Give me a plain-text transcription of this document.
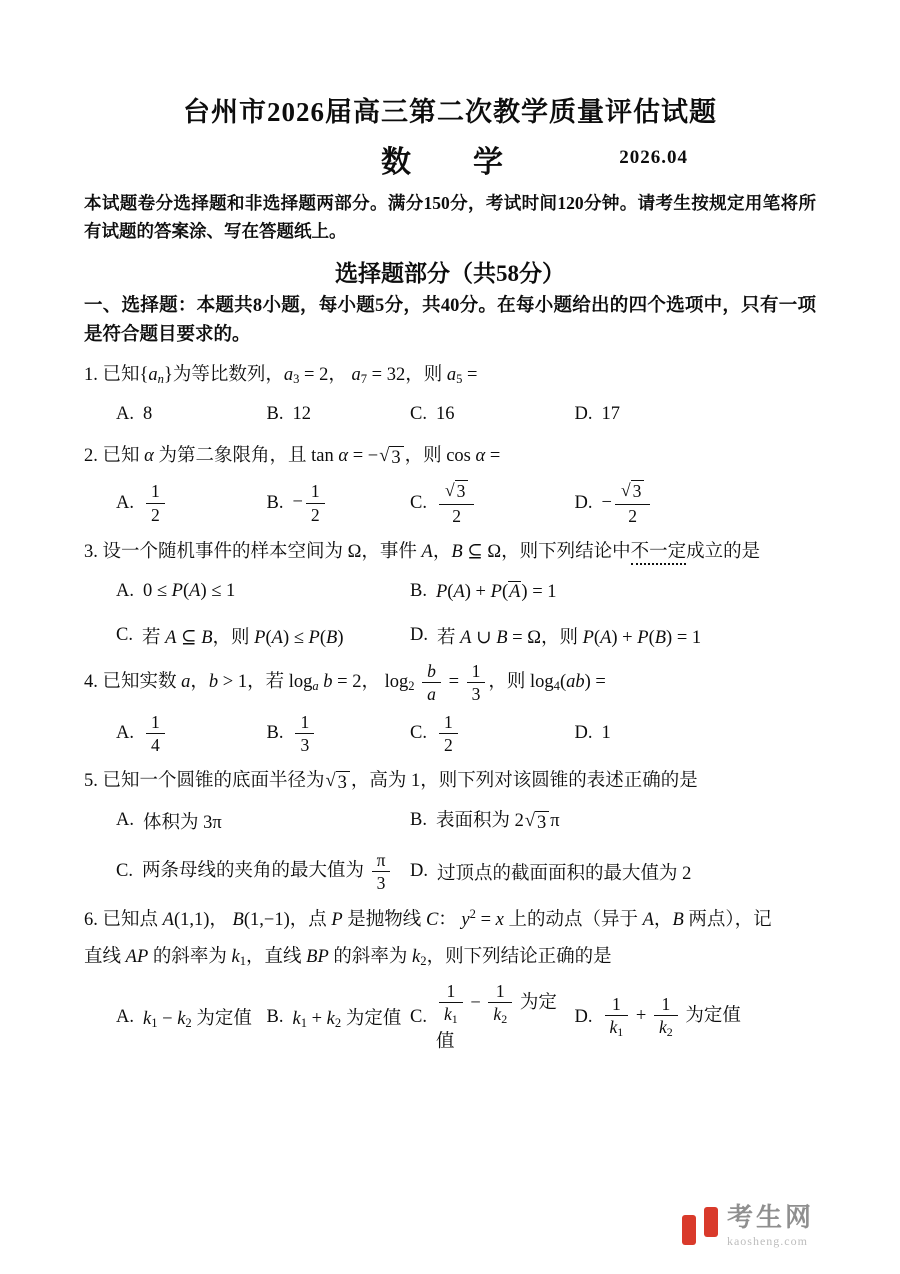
台州市2026届高三第二次教学质量评估试题
数　学	2026.04
本试题卷分选择题和非选择题两部分。满分150分，考试时间120分钟。请考生按规定用笔将所有试题的答案涂、写在答题纸上。
选择题部分（共58分）
一、选择题：本题共8小题，每小题5分，共40分。在每小题给出的四个选项中，只有一项是符合题目要求的。
1. 已知$\{a_n\}$为等比数列，$a_3 = 2$， $a_7 = 32$，则 $a_5$ =
A. 8	B. 12	C. 16	D. 17
2. 已知 α 为第二象限角，且 tan α = − √ 3 ，则 cos α =
A. $\frac{1}{2}$	B. − $\frac{1}{2}$	C. $\frac{√ 3}{2}$	D. − $\frac{√ 3}{2}$
3. 设一个随机事件的样本空间为 Ω，事件 A，B ⊆ Ω，则下列结论中不一定成立的是
A. 0 ≤ P(A) ≤ 1	B. P(A) + P(A) = 1
C. 若 A ⊆ B，则 P(A) ≤ P(B)	D. 若 A ∪ B = Ω，则 P(A) + P(B) = 1
4. 已知实数 a，b > 1，若 $\log_a b = 2$， $\log_2 \frac{b}{a} = \frac{1}{3}$ ，则 $\log_4(ab)$ =
A. $\frac{1}{4}$	B. $\frac{1}{3}$	C. $\frac{1}{2}$	D. 1
5. 已知一个圆锥的底面半径为 √ 3 ，高为 1，则下列对该圆锥的表述正确的是
A. 体积为 3π	B. 表面积为 2 √ 3 π
C. 两条母线的夹角的最大值为 $\frac{\pi}{3} D$. 过顶点的截面面积的最大值为 2
6. 已知点 A(1,1)， B(1,−1)，点 P 是抛物线 C： $y^2 = x$ 上的动点（异于 A，B 两点），记
直线 AP 的斜率为 $k_1$，直线 BP 的斜率为 $k_2$，则下列结论正确的是
A. $k_1 - k_2$ 为定值 B. $k_1 + k_2$ 为定值 C. $\frac{1}{k_1} - \frac{1}{k_2}$ 为定值
D. $\frac{1}{k_1} + \frac{1}{k_2}$ 为定值
考生网
kaosheng.com
